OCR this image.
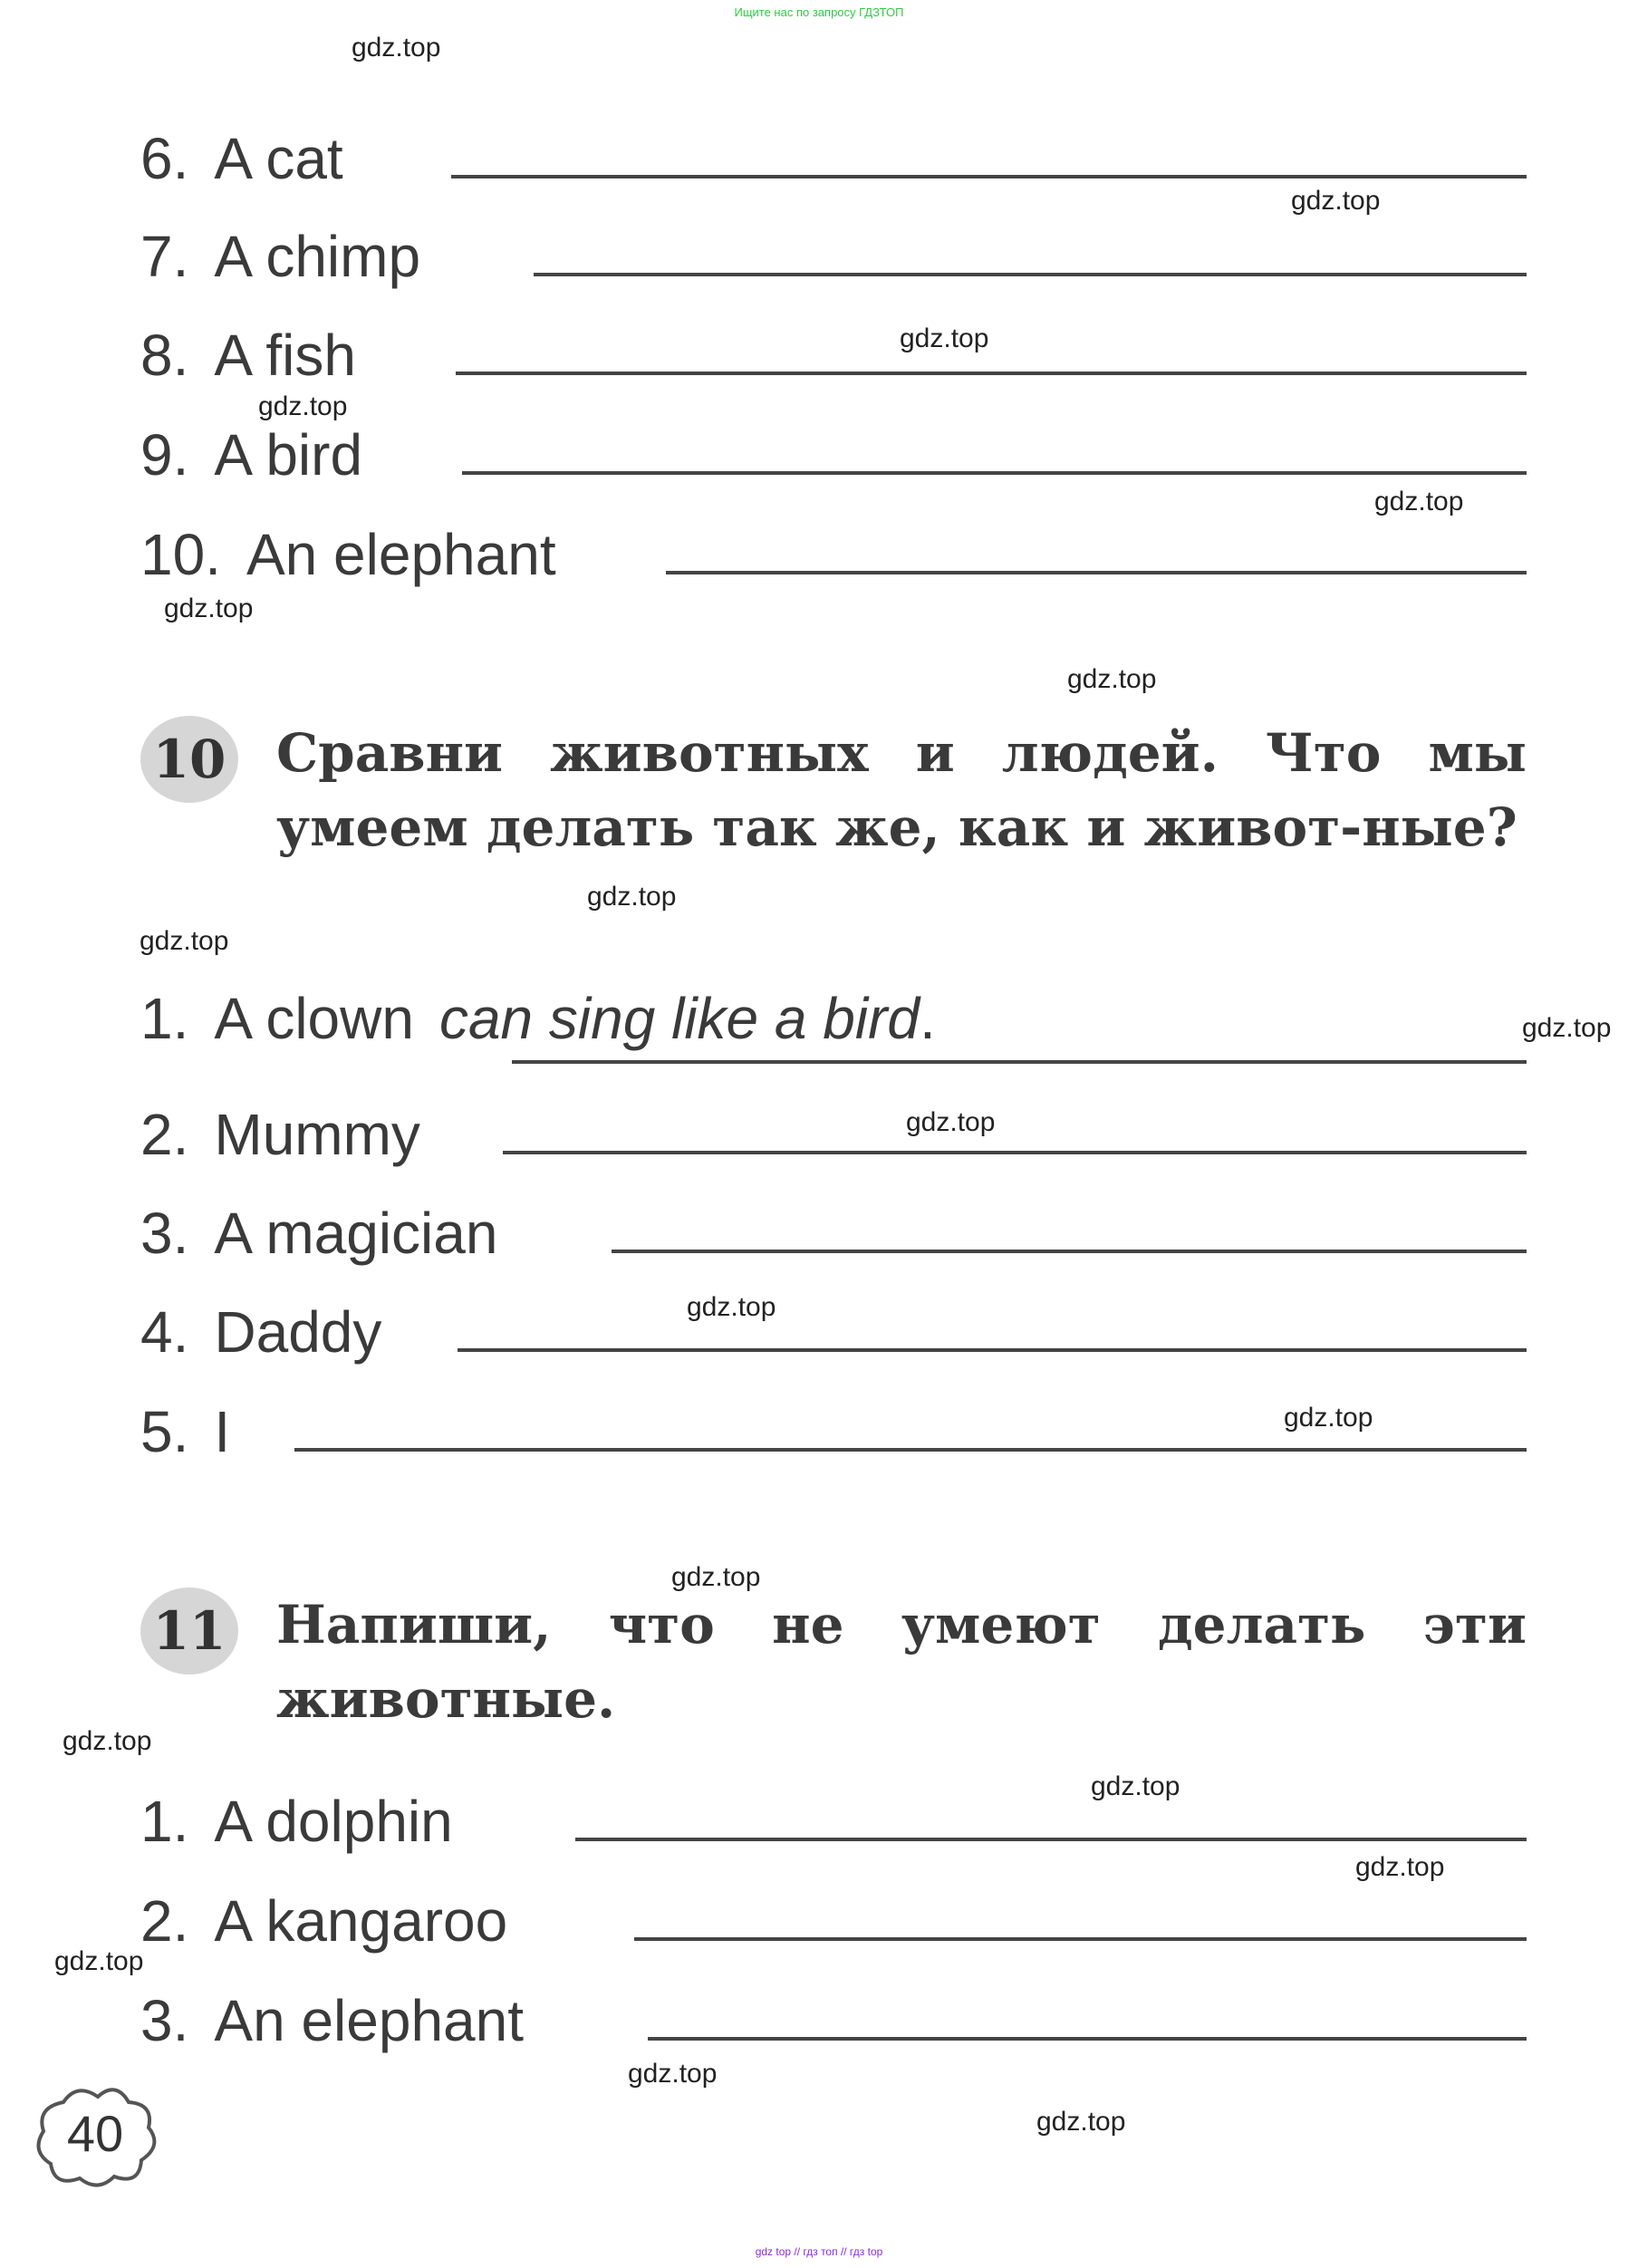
Ищите нас по запросу ГДЗТОП
gdz.top
gdz.top
gdz.top
gdz.top
gdz.top
gdz.top
gdz.top
gdz.top
gdz.top
gdz.top
gdz.top
gdz.top
gdz.top
gdz.top
gdz.top
gdz.top
gdz.top
gdz.top
gdz.top
gdz.top
6. A cat
7. A chimp
8. A fish
9. A bird
10. An elephant
10 Сравни животных и людей. Что мы умеем делать так же, как и живот-ные?
1. A clown can sing like a bird.
2. Mummy
3. A magician
4. Daddy
5. I
11 Напиши, что не умеют делать эти животные.
1. A dolphin
2. A kangaroo
3. An elephant
40
gdz top // гдз топ // гдз top
